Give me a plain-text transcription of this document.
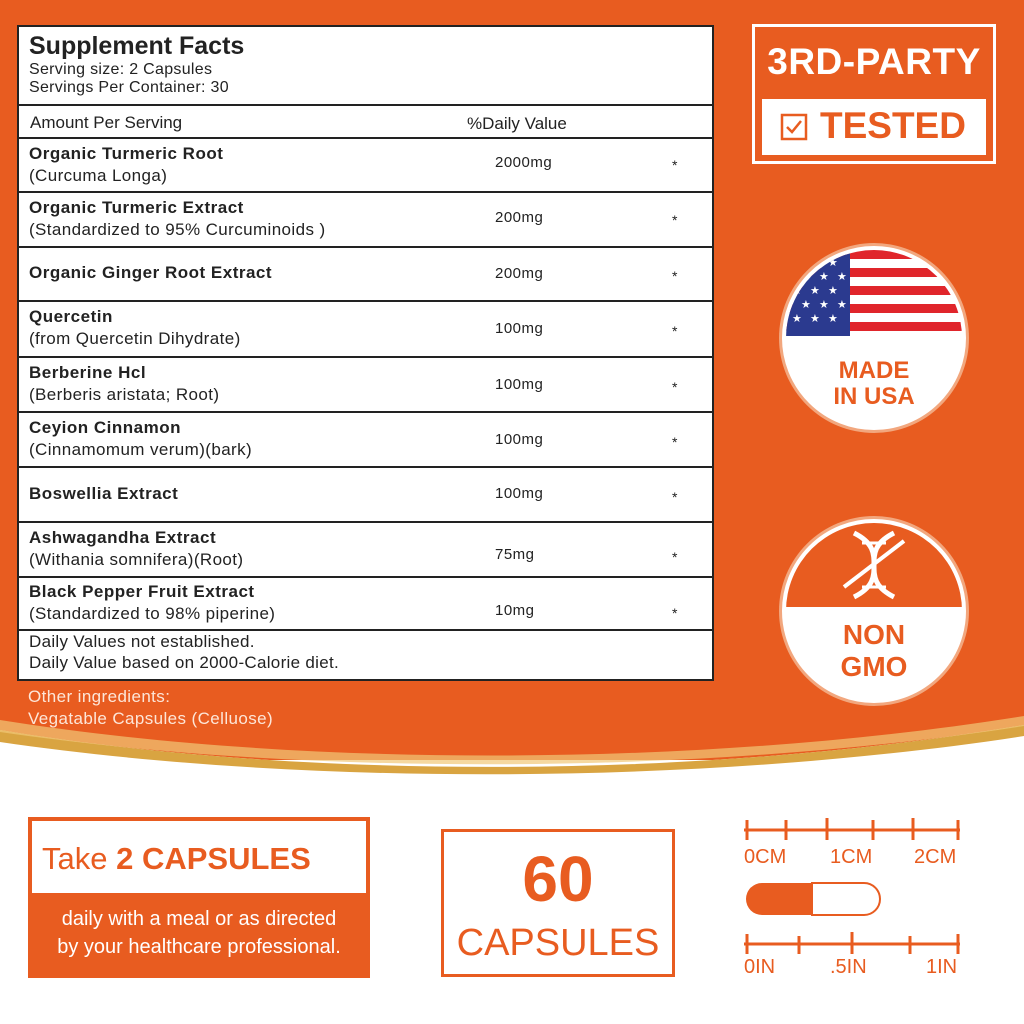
Supplement Facts
Serving size: 2 Capsules
Servings Per Container: 30
Amount Per Serving	%Daily Value
Organic Turmeric Root
(Curcuma Longa)
2000mg	*
Organic Turmeric Extract
(Standardized to 95% Curcuminoids )
200mg	*
Organic Ginger Root Extract	200mg	*
Quercetin
(from Quercetin Dihydrate)
100mg	*
Berberine Hcl
(Berberis aristata; Root)
100mg	*
Ceyion Cinnamon
(Cinnamomum verum)(bark)
100mg	*
Boswellia Extract	100mg	*
Ashwagandha Extract
(Withania somnifera)(Root)	75mg	*
Black Pepper Fruit Extract
(Standardized to 98% piperine)	10mg	*
Daily Values not established.
Daily Value based on 2000-Calorie diet.
Other ingredients:
Vegatable Capsules (Celluose)
3RD-PARTY
TESTED
★ ★ ★
★ ★ ★
★ ★ ★
★ ★ ★
★ ★ ★
MADE
IN USA
NON
GMO
Take 2 CAPSULES
daily with a meal or as directed
by your healthcare professional.
60
CAPSULES
0CM 1CM 2CM
0IN	.5IN	1IN
